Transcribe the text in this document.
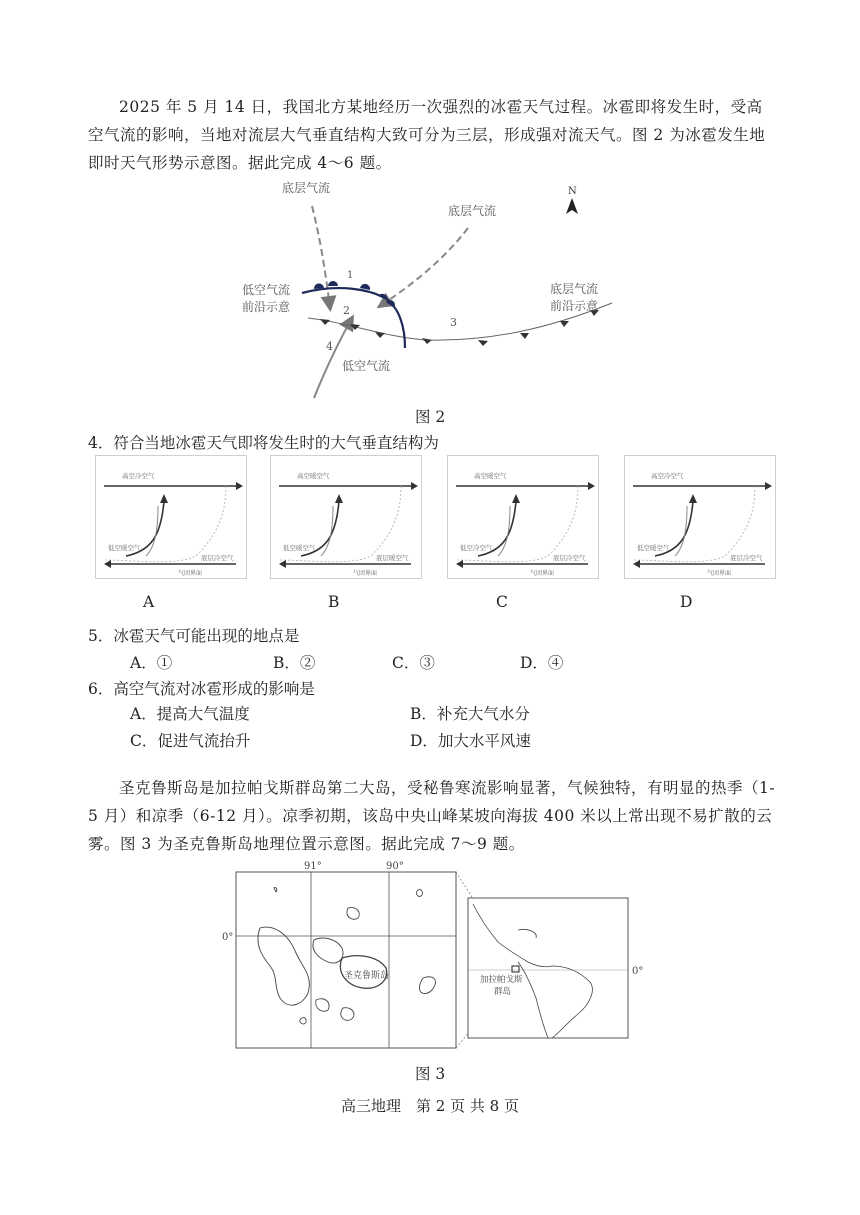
2025 年 5 月 14 日，我国北方某地经历一次强烈的冰雹天气过程。冰雹即将发生时，受高空气流的影响，当地对流层大气垂直结构大致可分为三层，形成强对流天气。图 2 为冰雹发生地即时天气形势示意图。据此完成 4～6 题。

1
2
3
4
底层气流
底层气流
低空气流
前沿示意
底层气流
前沿示意
低空气流
N
图 2
4．符合当地冰雹天气即将发生时的大气垂直结构为
高空冷空气
低空暖空气
底层冷空气
气团界面
高空暖空气
低空暖空气
底层暖空气
气团界面
高空暖空气
低空冷空气
底层冷空气
气团界面
高空冷空气
低空暖空气
底层冷空气
气团界面
A	B	C	D
5．冰雹天气可能出现的地点是
A．①	B．②	C．③	D．④
6．高空气流对冰雹形成的影响是
A．提高大气温度	B．补充大气水分
C．促进气流抬升	D．加大水平风速

圣克鲁斯岛是加拉帕戈斯群岛第二大岛，受秘鲁寒流影响显著，气候独特，有明显的热季（1-5 月）和凉季（6-12 月）。凉季初期，该岛中央山峰某坡向海拔 400 米以上常出现不易扩散的云雾。图 3 为圣克鲁斯岛地理位置示意图。据此完成 7～9 题。

91°	90°
0°
圣克鲁斯岛	0°
加拉帕戈斯
群岛
图 3
高三地理　第 2 页 共 8 页
